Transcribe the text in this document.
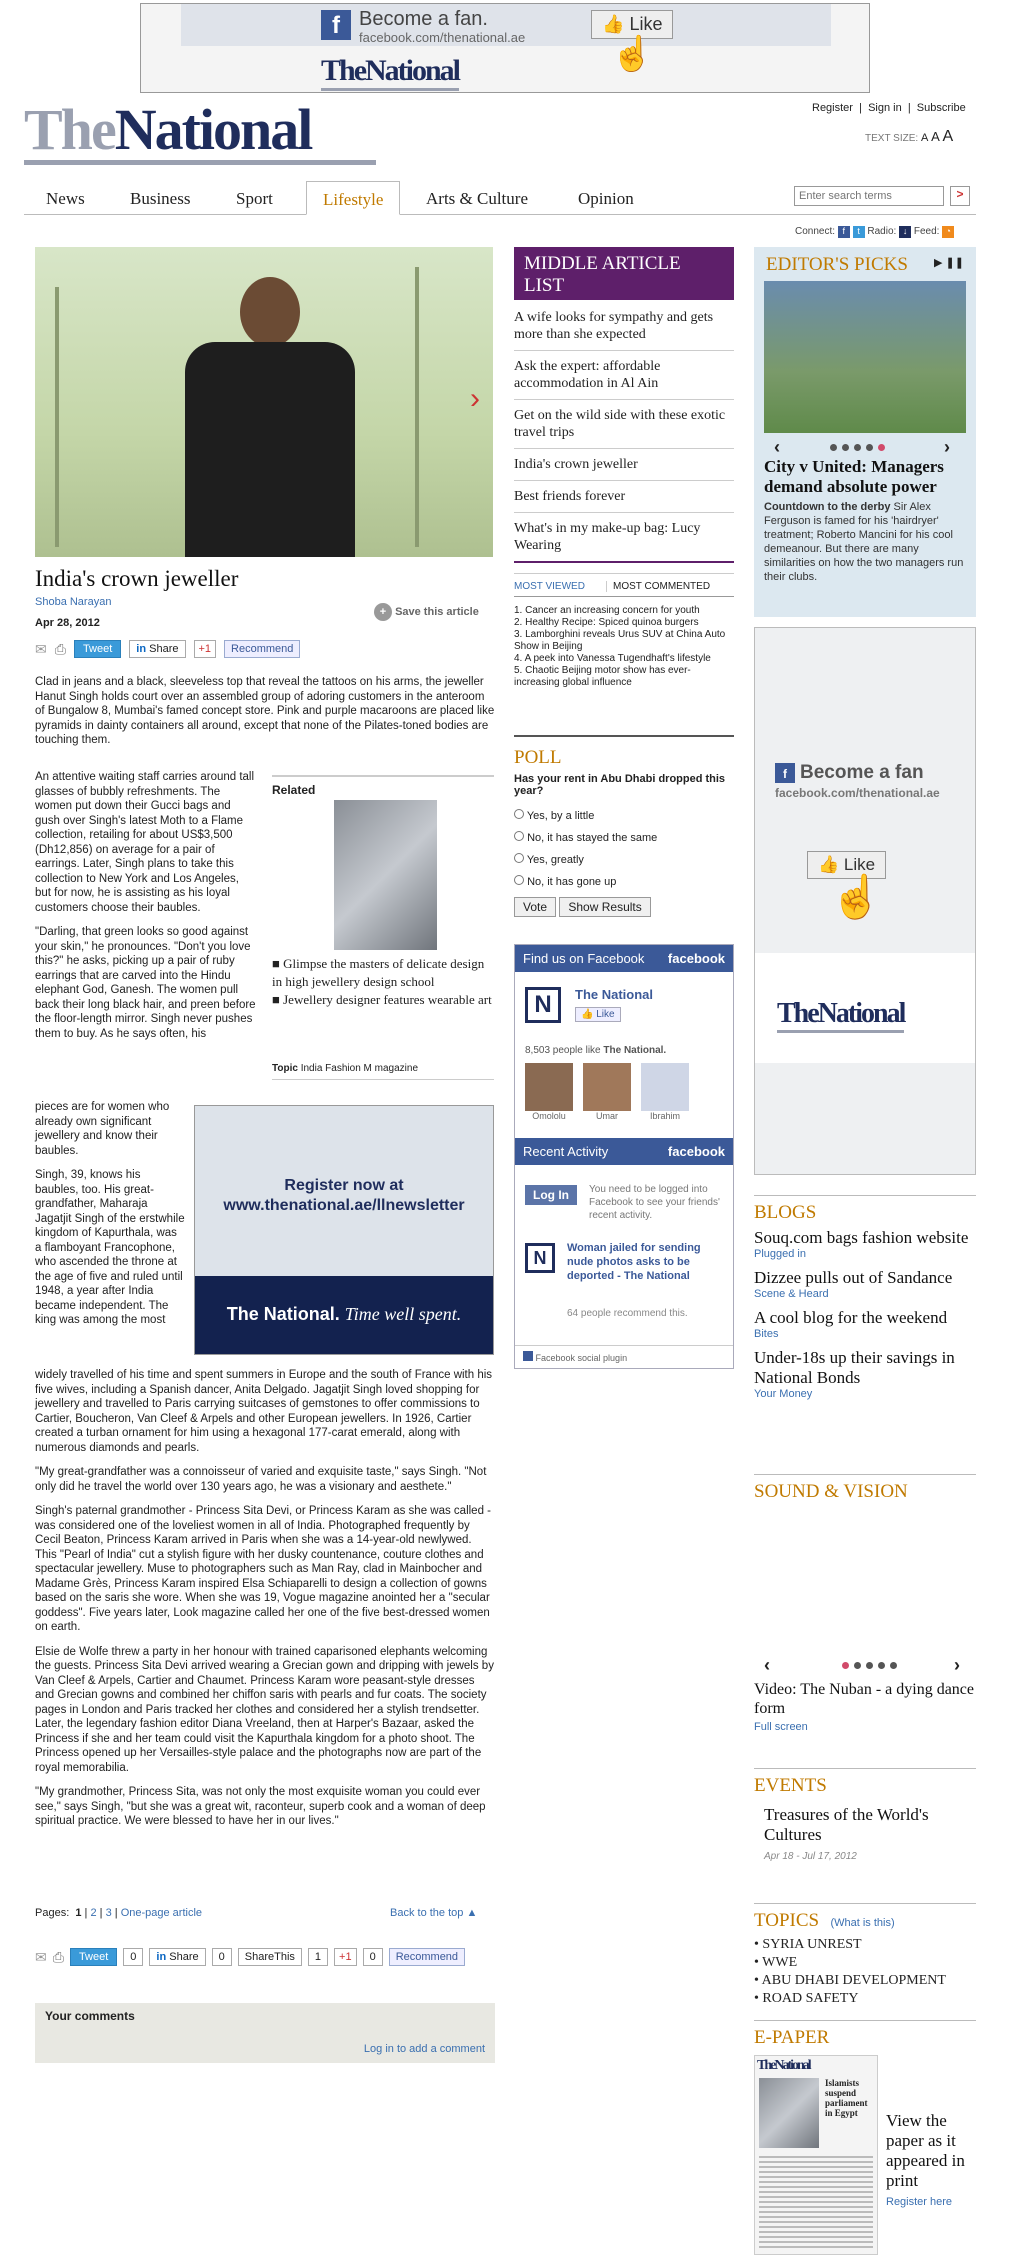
f Become a fan.
facebook.com/thenational.ae
👍 Like
☝
TheNational
TheNational	Register  |  Sign in  |  Subscribe
TEXT SIZE: A A A
News	Business	Sport	Lifestyle	Arts & Culture	Opinion
Enter search terms	>
Connect: f t Radio: ↓ Feed: ◔
›
India's crown jeweller
Shoba Narayan
Apr 28, 2012
+ Save this article
✉ ⎙	Tweet	in Share	+1	Recommend

Clad in jeans and a black, sleeveless top that reveal the tattoos on his arms, the jeweller Hanut Singh holds court over an assembled group of adoring customers in the anteroom of Bungalow 8, Mumbai's famed concept store. Pink and purple macaroons are placed like pyramids in dainty containers all around, except that none of the Pilates-toned bodies are touching them.

An attentive waiting staff carries around tall glasses of bubbly refreshments. The women put down their Gucci bags and gush over Singh's latest Moth to a Flame collection, retailing for about US$3,500 (Dh12,856) on average for a pair of earrings. Later, Singh plans to take this collection to New York and Los Angeles, but for now, he is assisting as his loyal customers choose their baubles.

"Darling, that green looks so good against your skin," he pronounces. "Don't you love this?" he asks, picking up a pair of ruby earrings that are carved into the Hindu elephant God, Ganesh. The women pull back their long black hair, and preen before the floor-length mirror. Singh never pushes them to buy. As he says often, his

pieces are for women who already own significant jewellery and know their baubles.

Singh, 39, knows his baubles, too. His great-grandfather, Maharaja Jagatjit Singh of the erstwhile kingdom of Kapurthala, was a flamboyant Francophone, who ascended the throne at the age of five and ruled until 1948, a year after India became independent. The king was among the most

widely travelled of his time and spent summers in Europe and the south of France with his five wives, including a Spanish dancer, Anita Delgado. Jagatjit Singh loved shopping for jewellery and travelled to Paris carrying suitcases of gemstones to offer commissions to Cartier, Boucheron, Van Cleef & Arpels and other European jewellers. In 1926, Cartier created a turban ornament for him using a hexagonal 177-carat emerald, along with numerous diamonds and pearls.

"My great-grandfather was a connoisseur of varied and exquisite taste," says Singh. "Not only did he travel the world over 130 years ago, he was a visionary and aesthete."

Singh's paternal grandmother - Princess Sita Devi, or Princess Karam as she was called - was considered one of the loveliest women in all of India. Photographed frequently by Cecil Beaton, Princess Karam arrived in Paris when she was a 14-year-old newlywed. This "Pearl of India" cut a stylish figure with her dusky countenance, couture clothes and spectacular jewellery. Muse to photographers such as Man Ray, clad in Mainbocher and Madame Grès, Princess Karam inspired Elsa Schiaparelli to design a collection of gowns based on the saris she wore. When she was 19, Vogue magazine anointed her a "secular goddess". Five years later, Look magazine called her one of the five best-dressed women on earth.

Elsie de Wolfe threw a party in her honour with trained caparisoned elephants welcoming the guests. Princess Sita Devi arrived wearing a Grecian gown and dripping with jewels by Van Cleef & Arpels, Cartier and Chaumet. Princess Karam wore peasant-style dresses and Grecian gowns and combined her chiffon saris with pearls and fur coats. The society pages in London and Paris tracked her clothes and considered her a stylish trendsetter. Later, the legendary fashion editor Diana Vreeland, then at Harper's Bazaar, asked the Princess if she and her team could visit the Kapurthala kingdom for a photo shoot. The Princess opened up her Versailles-style palace and the photographs now are part of the royal memorabilia.

"My grandmother, Princess Sita, was not only the most exquisite woman you could ever see," says Singh, "but she was a great wit, raconteur, superb cook and a woman of deep spiritual practice. We were blessed to have her in our lives."

Related
■ Glimpse the masters of delicate design in high jewellery design school
■ Jewellery designer features wearable art
Topic India Fashion M magazine
Register now at
www.thenational.ae/llnewsletter
The National. Time well spent.
Pages: 1 | 2 | 3 | One-page article	Back to the top ▲
✉ ⎙	Tweet	0	in Share	0	ShareThis	1	+1	0	Recommend
Your comments
Log in to add a comment
MIDDLE ARTICLE LIST
A wife looks for sympathy and gets more than she expected
Ask the expert: affordable accommodation in Al Ain
Get on the wild side with these exotic travel trips
India's crown jeweller
Best friends forever
What's in my make-up bag: Lucy Wearing
MOST VIEWED	MOST COMMENTED
1. Cancer an increasing concern for youth
2. Healthy Recipe: Spiced quinoa burgers
3. Lamborghini reveals Urus SUV at China Auto Show in Beijing
4. A peek into Vanessa Tugendhaft's lifestyle
5. Chaotic Beijing motor show has ever-increasing global influence
POLL
Has your rent in Abu Dhabi dropped this year?
Yes, by a little
No, it has stayed the same
Yes, greatly
No, it has gone up
Vote Show Results
Find us on Facebook facebook
N	The National
👍 Like
8,503 people like The National.
Omololu	Umar	Ibrahim
Recent Activity	facebook
Log In	You need to be logged into Facebook to see your friends' recent activity.
N	Woman jailed for sending nude photos asks to be deported - The National
64 people recommend this.
Facebook social plugin
EDITOR'S PICKS ▶ ❚❚
‹	›
City v United: Managers demand absolute power
Countdown to the derby Sir Alex Ferguson is famed for his 'hairdryer' treatment; Roberto Mancini for his cool demeanour. But there are many similarities on how the two managers run their clubs.
f Become a fan
facebook.com/thenational.ae
👍 Like
☝
TheNational
BLOGS
Souq.com bags fashion website
Plugged in
Dizzee pulls out of Sandance
Scene & Heard
A cool blog for the weekend
Bites
Under-18s up their savings in National Bonds
Your Money
SOUND & VISION
‹	›
Video: The Nuban - a dying dance form
Full screen
EVENTS
Treasures of the World's Cultures
Apr 18 - Jul 17, 2012
TOPICS (What is this)
• SYRIA UNREST
• WWE
• ABU DHABI DEVELOPMENT
• ROAD SAFETY
E-PAPER
TheNational
Islamists suspend parliament in Egypt	View the paper as it appeared in print
Register here
